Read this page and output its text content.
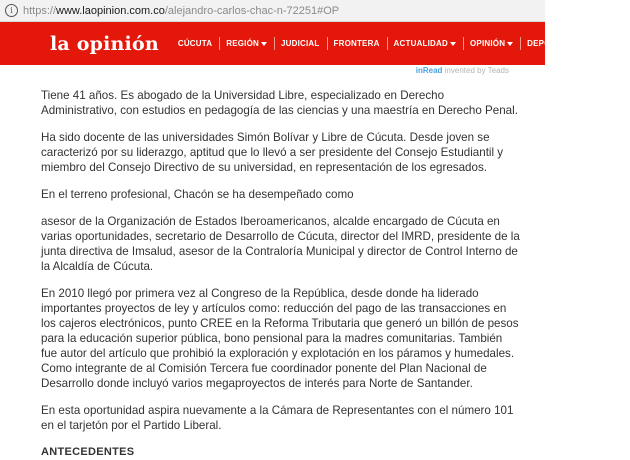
i https:// www.laopinion.com.co /alejandro-carlos-chac-n-72251#OP
la opinión CÚCUTA REGIÓN	JUDICIAL FRONTERA ACTUALIDAD	OPINIÓN	DEPORTES	TENDE
inRead invented by Teads

Tiene 41 años. Es abogado de la Universidad Libre, especializado en Derecho Administrativo, con estudios en pedagogía de las ciencias y una maestría en Derecho Penal.

Ha sido docente de las universidades Simón Bolívar y Libre de Cúcuta. Desde joven se caracterizó por su liderazgo, aptitud que lo llevó a ser presidente del Consejo Estudiantil y miembro del Consejo Directivo de su universidad, en representación de los egresados.

En el terreno profesional, Chacón se ha desempeñado como

asesor de la Organización de Estados Iberoamericanos, alcalde encargado de Cúcuta en varias oportunidades, secretario de Desarrollo de Cúcuta, director del IMRD, presidente de la junta directiva de Imsalud, asesor de la Contraloría Municipal y director de Control Interno de la Alcaldía de Cúcuta.

En 2010 llegó por primera vez al Congreso de la República, desde donde ha liderado importantes proyectos de ley y artículos como: reducción del pago de las transacciones en los cajeros electrónicos, punto CREE en la Reforma Tributaria que generó un billón de pesos para la educación superior pública, bono pensional para la madres comunitarias. También fue autor del artículo que prohibió la exploración y explotación en los páramos y humedales. Como integrante de al Comisión Tercera fue coordinador ponente del Plan Nacional de Desarrollo donde incluyó varios megaproyectos de interés para Norte de Santander.

En esta oportunidad aspira nuevamente a la Cámara de Representantes con el número 101 en el tarjetón por el Partido Liberal.

ANTECEDENTES
